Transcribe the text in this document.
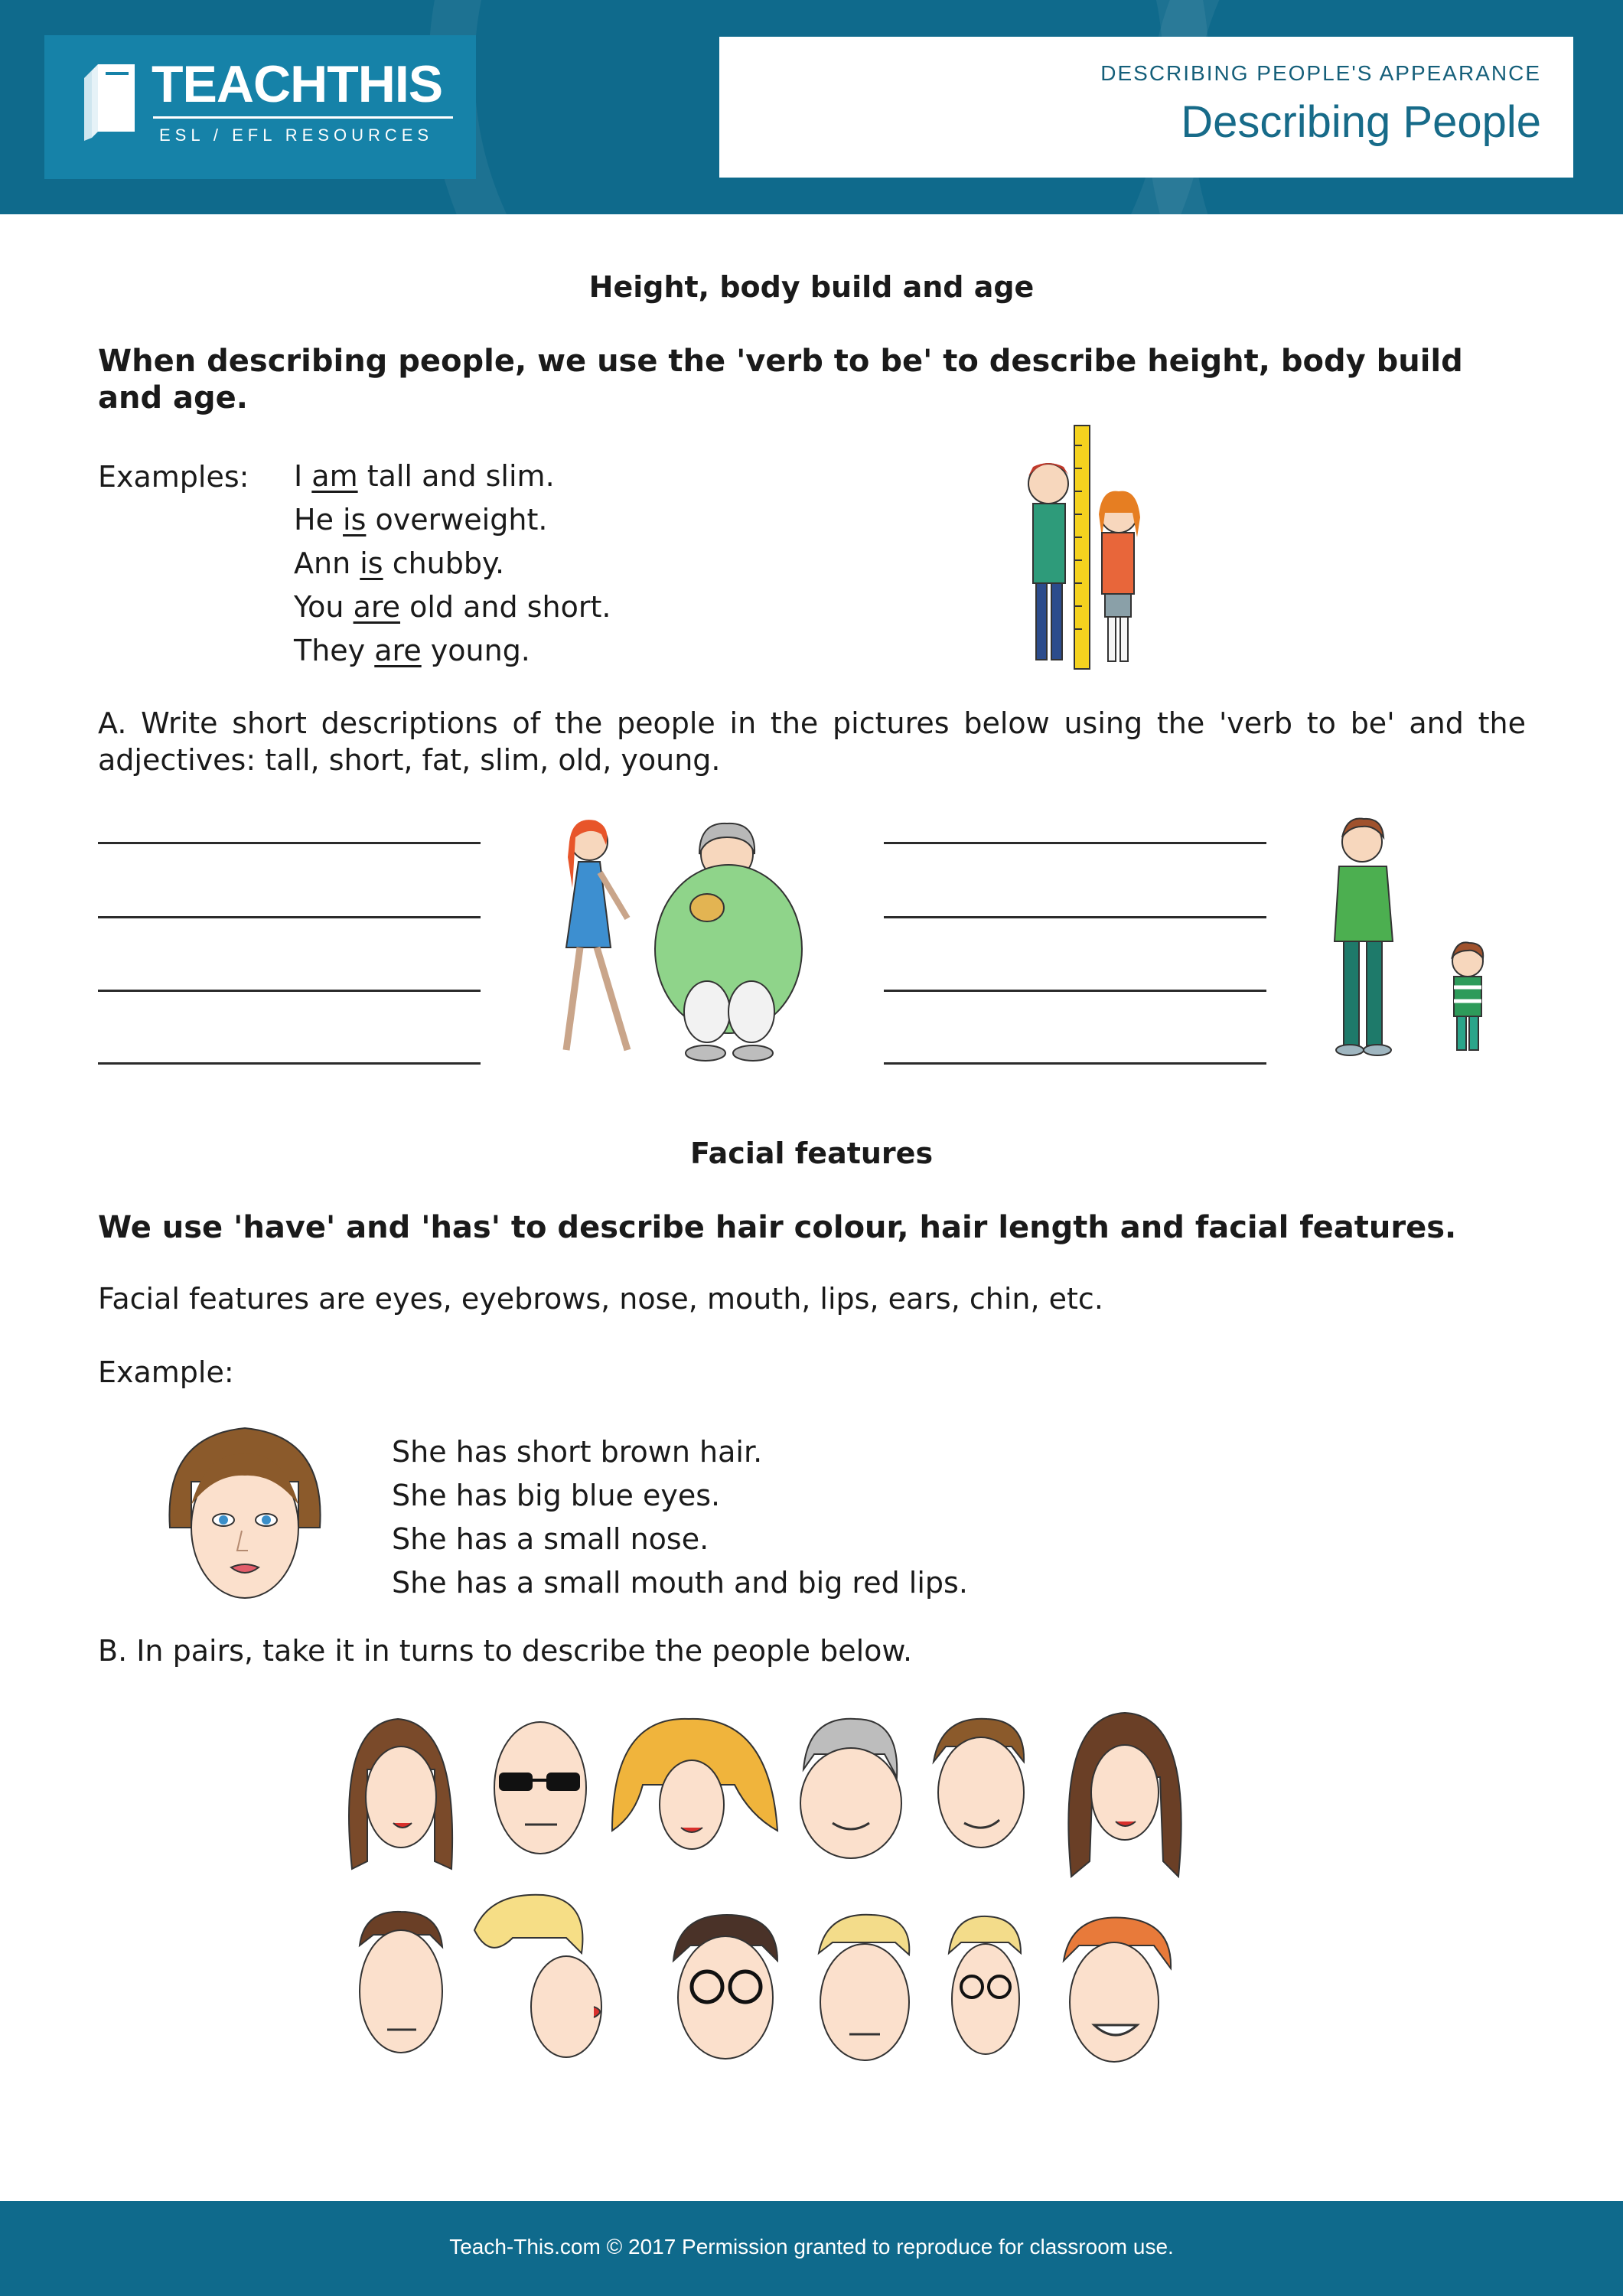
TEACHTHIS
ESL / EFL RESOURCES
DESCRIBING PEOPLE'S APPEARANCE
Describing People
Height, body build and age
When describing people, we use the 'verb to be' to describe height, body build and age.
Examples: I am tall and slim.
He is overweight.
Ann is chubby.
You are old and short.
They are young.
A. Write short descriptions of the people in the pictures below using the 'verb to be' and the adjectives: tall, short, fat, slim, old, young.
Facial features
We use 'have' and 'has' to describe hair colour, hair length and facial features.
Facial features are eyes, eyebrows, nose, mouth, lips, ears, chin, etc.
Example:
She has short brown hair.
She has big blue eyes.
She has a small nose.
She has a small mouth and big red lips.
B. In pairs, take it in turns to describe the people below.
Teach-This.com © 2017 Permission granted to reproduce for classroom use.
